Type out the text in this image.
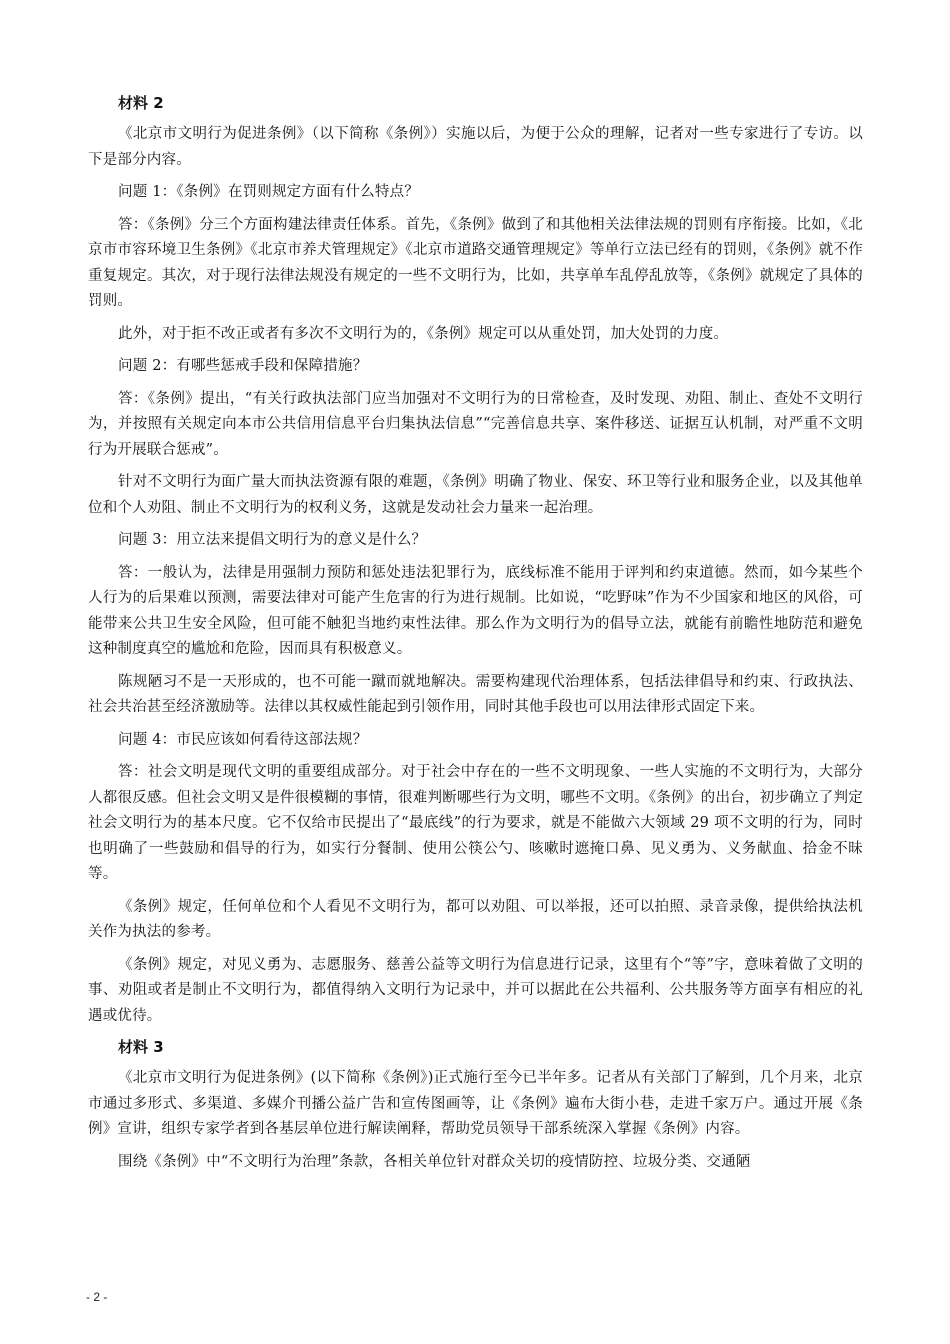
材料 2

《北京市文明行为促进条例》（以下简称《条例》）实施以后，为便于公众的理解，记者对一些专家进行了专访。以下是部分内容。

问题 1：《条例》在罚则规定方面有什么特点？

答：《条例》分三个方面构建法律责任体系。首先，《条例》做到了和其他相关法律法规的罚则有序衔接。比如，《北京市市容环境卫生条例》《北京市养犬管理规定》《北京市道路交通管理规定》等单行立法已经有的罚则，《条例》就不作重复规定。其次，对于现行法律法规没有规定的一些不文明行为，比如，共享单车乱停乱放等，《条例》就规定了具体的罚则。

此外，对于拒不改正或者有多次不文明行为的，《条例》规定可以从重处罚，加大处罚的力度。

问题 2：有哪些惩戒手段和保障措施？

答：《条例》提出，“有关行政执法部门应当加强对不文明行为的日常检查，及时发现、劝阻、制止、查处不文明行为，并按照有关规定向本市公共信用信息平台归集执法信息”“完善信息共享、案件移送、证据互认机制，对严重不文明行为开展联合惩戒”。

针对不文明行为面广量大而执法资源有限的难题，《条例》明确了物业、保安、环卫等行业和服务企业，以及其他单位和个人劝阻、制止不文明行为的权利义务，这就是发动社会力量来一起治理。

问题 3：用立法来提倡文明行为的意义是什么？

答：一般认为，法律是用强制力预防和惩处违法犯罪行为，底线标准不能用于评判和约束道德。然而，如今某些个人行为的后果难以预测，需要法律对可能产生危害的行为进行规制。比如说，“吃野味”作为不少国家和地区的风俗，可能带来公共卫生安全风险，但可能不触犯当地约束性法律。那么作为文明行为的倡导立法，就能有前瞻性地防范和避免这种制度真空的尴尬和危险，因而具有积极意义。

陈规陋习不是一天形成的，也不可能一蹴而就地解决。需要构建现代治理体系，包括法律倡导和约束、行政执法、社会共治甚至经济激励等。法律以其权威性能起到引领作用，同时其他手段也可以用法律形式固定下来。

问题 4：市民应该如何看待这部法规？

答：社会文明是现代文明的重要组成部分。对于社会中存在的一些不文明现象、一些人实施的不文明行为，大部分人都很反感。但社会文明又是件很模糊的事情，很难判断哪些行为文明，哪些不文明。《条例》的出台，初步确立了判定社会文明行为的基本尺度。它不仅给市民提出了“最底线”的行为要求，就是不能做六大领域 29 项不文明的行为，同时也明确了一些鼓励和倡导的行为，如实行分餐制、使用公筷公勺、咳嗽时遮掩口鼻、见义勇为、义务献血、拾金不昧等。

《条例》规定，任何单位和个人看见不文明行为，都可以劝阻、可以举报，还可以拍照、录音录像，提供给执法机关作为执法的参考。

《条例》规定，对见义勇为、志愿服务、慈善公益等文明行为信息进行记录，这里有个“等”字，意味着做了文明的事、劝阻或者是制止不文明行为，都值得纳入文明行为记录中，并可以据此在公共福利、公共服务等方面享有相应的礼遇或优待。

材料 3

《北京市文明行为促进条例》(以下简称《条例》)正式施行至今已半年多。记者从有关部门了解到，几个月来，北京市通过多形式、多渠道、多媒介刊播公益广告和宣传图画等，让《条例》遍布大街小巷，走进千家万户。通过开展《条例》宣讲，组织专家学者到各基层单位进行解读阐释，帮助党员领导干部系统深入掌握《条例》内容。

围绕《条例》中“不文明行为治理”条款，各相关单位针对群众关切的疫情防控、垃圾分类、交通陋

- 2 -
